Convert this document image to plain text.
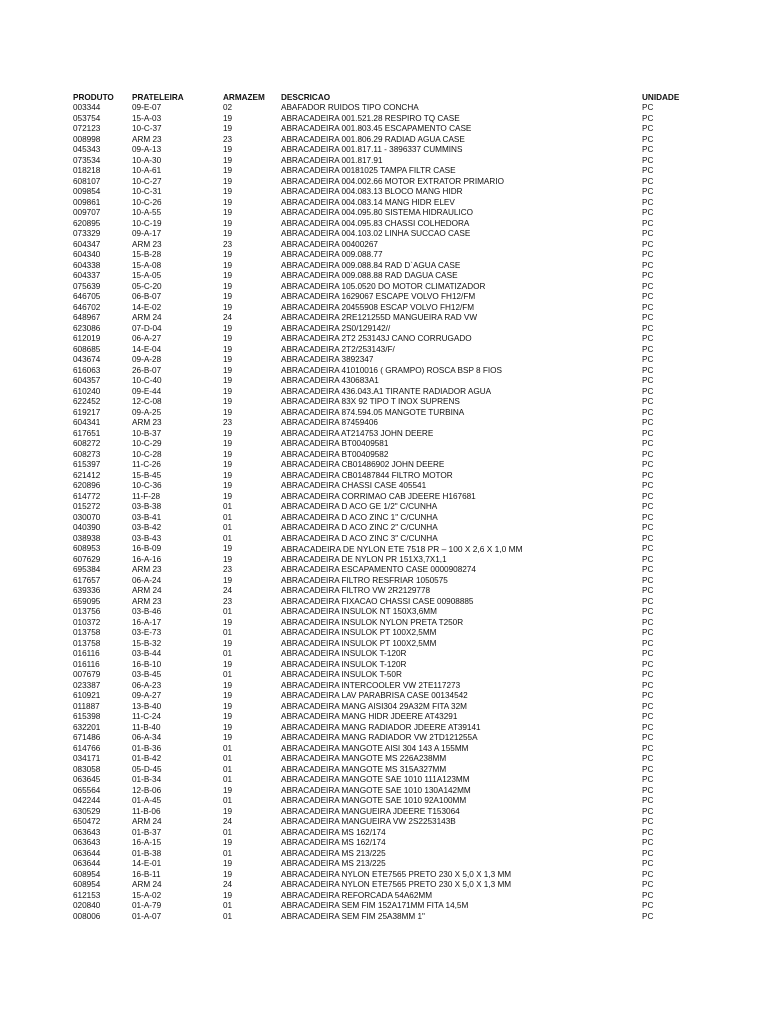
PRODUTO	PRATELEIRA	ARMAZEM	DESCRICAO	UNIDADE
003344	09-E-07	02	ABAFADOR RUIDOS TIPO CONCHA	PC
053754	15-A-03	19	ABRACADEIRA 001.521.28 RESPIRO TQ CASE	PC
072123	10-C-37	19	ABRACADEIRA 001.803.45 ESCAPAMENTO CASE	PC
008998	ARM 23	23	ABRACADEIRA 001.806.29 RADIAD AGUA CASE	PC
045343	09-A-13	19	ABRACADEIRA 001.817.11 - 3896337 CUMMINS	PC
073534	10-A-30	19	ABRACADEIRA 001.817.91	PC
018218	10-A-61	19	ABRACADEIRA 00181025 TAMPA FILTR CASE	PC
608107	10-C-27	19	ABRACADEIRA 004.002.66 MOTOR EXTRATOR PRIMARIO	PC
009854	10-C-31	19	ABRACADEIRA 004.083.13 BLOCO MANG HIDR	PC
009861	10-C-26	19	ABRACADEIRA 004.083.14 MANG HIDR ELEV	PC
009707	10-A-55	19	ABRACADEIRA 004.095.80 SISTEMA HIDRAULICO	PC
620895	10-C-19	19	ABRACADEIRA 004.095.83 CHASSI COLHEDORA	PC
073329	09-A-17	19	ABRACADEIRA 004.103.02 LINHA SUCCAO CASE	PC
604347	ARM 23	23	ABRACADEIRA 00400267	PC
604340	15-B-28	19	ABRACADEIRA 009.088.77	PC
604338	15-A-08	19	ABRACADEIRA 009.088.84 RAD D`AGUA CASE	PC
604337	15-A-05	19	ABRACADEIRA 009.088.88 RAD DAGUA CASE	PC
075639	05-C-20	19	ABRACADEIRA 105.0520 DO MOTOR CLIMATIZADOR	PC
646705	06-B-07	19	ABRACADEIRA 1629067 ESCAPE VOLVO FH12/FM	PC
646702	14-E-02	19	ABRACADEIRA 20455908 ESCAP VOLVO FH12/FM	PC
648967	ARM 24	24	ABRACADEIRA 2RE121255D MANGUEIRA RAD VW	PC
623086	07-D-04	19	ABRACADEIRA 2S0/129142//	PC
612019	06-A-27	19	ABRACADEIRA 2T2 253143J CANO CORRUGADO	PC
608685	14-E-04	19	ABRACADEIRA 2T2/253143/F/	PC
043674	09-A-28	19	ABRACADEIRA 3892347	PC
616063	26-B-07	19	ABRACADEIRA 41010016 ( GRAMPO) ROSCA BSP 8 FIOS	PC
604357	10-C-40	19	ABRACADEIRA 430683A1	PC
610240	09-E-44	19	ABRACADEIRA 436.043.A1 TIRANTE RADIADOR AGUA	PC
622452	12-C-08	19	ABRACADEIRA 83X 92 TIPO T INOX SUPRENS	PC
619217	09-A-25	19	ABRACADEIRA 874.594.05 MANGOTE TURBINA	PC
604341	ARM 23	23	ABRACADEIRA 87459406	PC
617651	10-B-37	19	ABRACADEIRA AT214753 JOHN DEERE	PC
608272	10-C-29	19	ABRACADEIRA BT00409581	PC
608273	10-C-28	19	ABRACADEIRA BT00409582	PC
615397	11-C-26	19	ABRACADEIRA CB01486902 JOHN DEERE	PC
621412	15-B-45	19	ABRACADEIRA CB01487844 FILTRO MOTOR	PC
620896	10-C-36	19	ABRACADEIRA CHASSI CASE 405541	PC
614772	11-F-28	19	ABRACADEIRA CORRIMAO CAB JDEERE H167681	PC
015272	03-B-38	01	ABRACADEIRA D ACO GE 1/2" C/CUNHA	PC
030070	03-B-41	01	ABRACADEIRA D ACO ZINC 1" C/CUNHA	PC
040390	03-B-42	01	ABRACADEIRA D ACO ZINC 2" C/CUNHA	PC
038938	03-B-43	01	ABRACADEIRA D ACO ZINC 3" C/CUNHA	PC
608953	16-B-09	19	ABRACADEIRA DE NYLON ETE 7518 PR – 100 X 2,6 X 1,0 MM	PC
607629	16-A-16	19	ABRACADEIRA DE NYLON PR 151X3,7X1,1	PC
695384	ARM 23	23	ABRACADEIRA ESCAPAMENTO CASE 0000908274	PC
617657	06-A-24	19	ABRACADEIRA FILTRO RESFRIAR 1050575	PC
639336	ARM 24	24	ABRACADEIRA FILTRO VW 2R2129778	PC
659095	ARM 23	23	ABRACADEIRA FIXACAO CHASSI CASE 00908885	PC
013756	03-B-46	01	ABRACADEIRA INSULOK NT 150X3,6MM	PC
010372	16-A-17	19	ABRACADEIRA INSULOK NYLON PRETA T250R	PC
013758	03-E-73	01	ABRACADEIRA INSULOK PT 100X2,5MM	PC
013758	15-B-32	19	ABRACADEIRA INSULOK PT 100X2,5MM	PC
016116	03-B-44	01	ABRACADEIRA INSULOK T-120R	PC
016116	16-B-10	19	ABRACADEIRA INSULOK T-120R	PC
007679	03-B-45	01	ABRACADEIRA INSULOK T-50R	PC
023387	06-A-23	19	ABRACADEIRA INTERCOOLER VW 2TE117273	PC
610921	09-A-27	19	ABRACADEIRA LAV PARABRISA CASE 00134542	PC
011887	13-B-40	19	ABRACADEIRA MANG AISI304 29A32M FITA 32M	PC
615398	11-C-24	19	ABRACADEIRA MANG HIDR JDEERE AT43291	PC
632201	11-B-40	19	ABRACADEIRA MANG RADIADOR JDEERE AT39141	PC
671486	06-A-34	19	ABRACADEIRA MANG RADIADOR VW 2TD121255A	PC
614766	01-B-36	01	ABRACADEIRA MANGOTE AISI 304 143 A 155MM	PC
034171	01-B-42	01	ABRACADEIRA MANGOTE MS 226A238MM	PC
083058	05-D-45	01	ABRACADEIRA MANGOTE MS 315A327MM	PC
063645	01-B-34	01	ABRACADEIRA MANGOTE SAE 1010 111A123MM	PC
065564	12-B-06	19	ABRACADEIRA MANGOTE SAE 1010 130A142MM	PC
042244	01-A-45	01	ABRACADEIRA MANGOTE SAE 1010 92A100MM	PC
630529	11-B-06	19	ABRACADEIRA MANGUEIRA JDEERE T153064	PC
650472	ARM 24	24	ABRACADEIRA MANGUEIRA VW 2S2253143B	PC
063643	01-B-37	01	ABRACADEIRA MS 162/174	PC
063643	16-A-15	19	ABRACADEIRA MS 162/174	PC
063644	01-B-38	01	ABRACADEIRA MS 213/225	PC
063644	14-E-01	19	ABRACADEIRA MS 213/225	PC
608954	16-B-11	19	ABRACADEIRA NYLON ETE7565 PRETO 230 X 5,0 X 1,3 MM	PC
608954	ARM 24	24	ABRACADEIRA NYLON ETE7565 PRETO 230 X 5,0 X 1,3 MM	PC
612153	15-A-02	19	ABRACADEIRA REFORCADA 54A62MM	PC
020840	01-A-79	01	ABRACADEIRA SEM FIM 152A171MM FITA 14,5M	PC
008006	01-A-07	01	ABRACADEIRA SEM FIM 25A38MM 1"	PC
